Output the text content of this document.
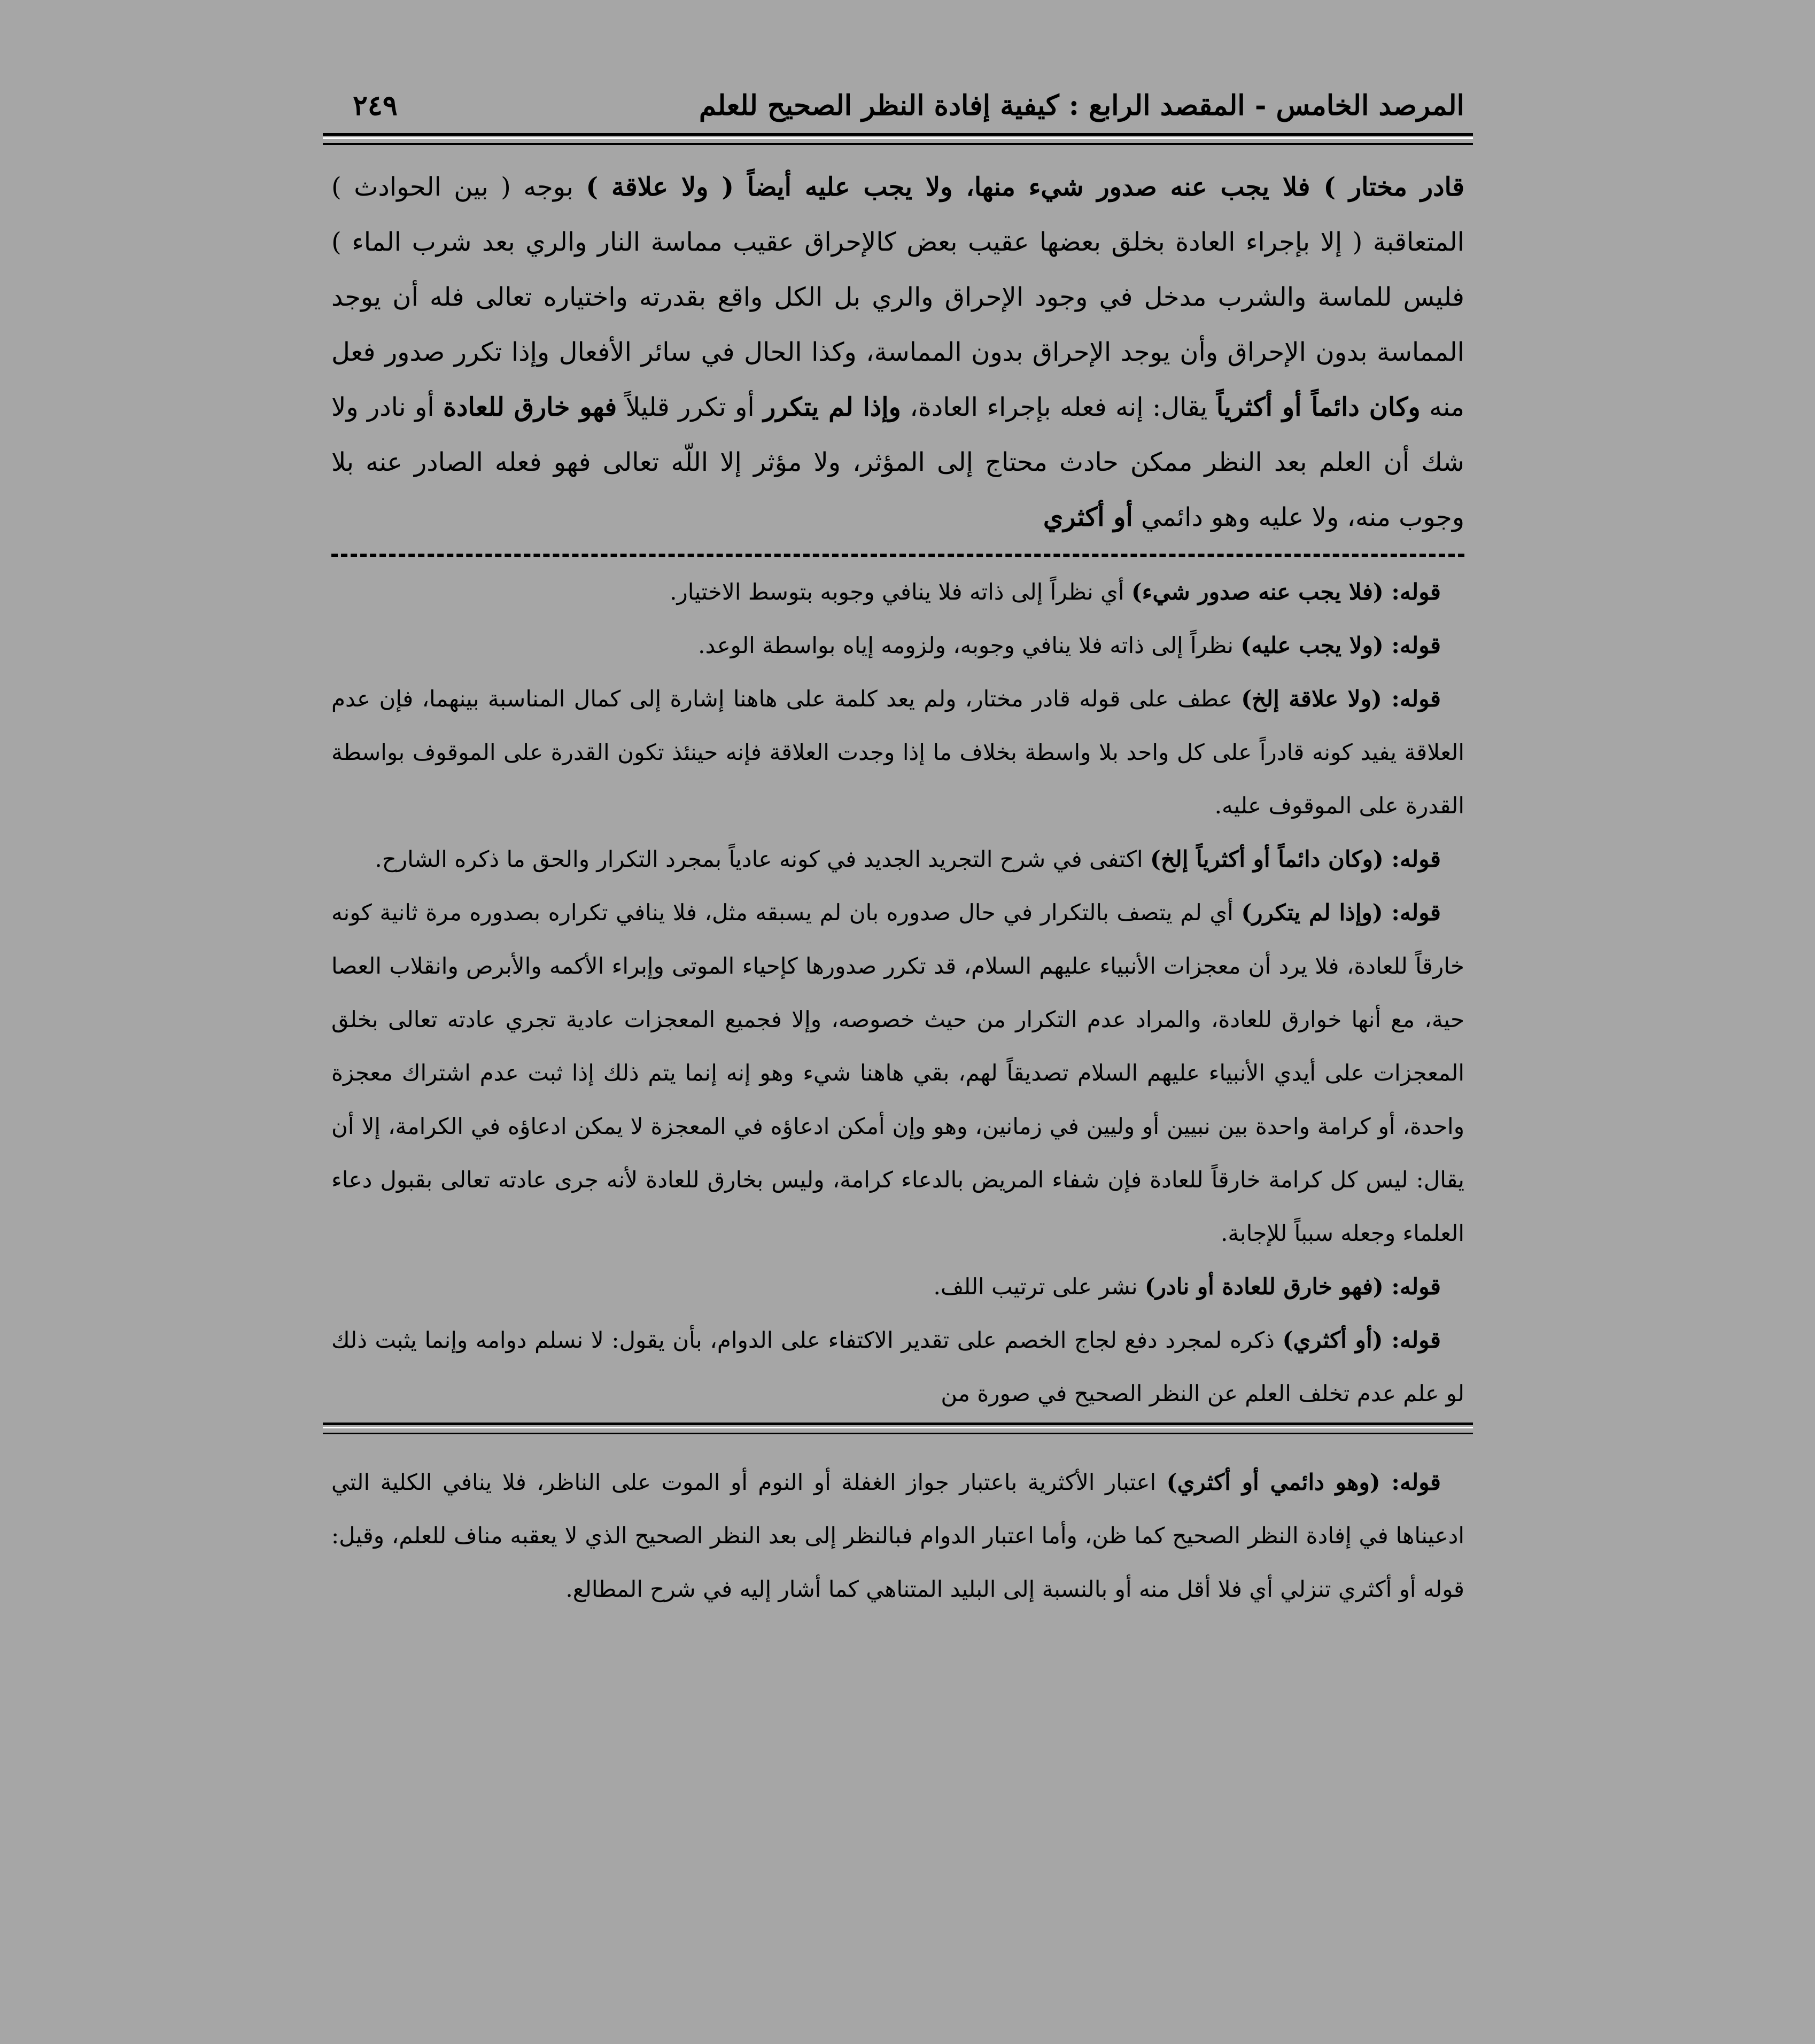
المرصد الخامس - المقصد الرابع : كيفية إفادة النظر الصحيح للعلم
٢٤٩
قادر مختار ) فلا يجب عنه صدور شيء منها، ولا يجب عليه أيضاً ( ولا علاقة ) بوجه ( بين الحوادث ) المتعاقبة ( إلا بإجراء العادة بخلق بعضها عقيب بعض كالإحراق عقيب مماسة النار والري بعد شرب الماء ) فليس للماسة والشرب مدخل في وجود الإحراق والري بل الكل واقع بقدرته واختياره تعالى فله أن يوجد المماسة بدون الإحراق وأن يوجد الإحراق بدون المماسة، وكذا الحال في سائر الأفعال وإذا تكرر صدور فعل منه وكان دائماً أو أكثرياً يقال: إنه فعله بإجراء العادة، وإذا لم يتكرر أو تكرر قليلاً فهو خارق للعادة أو نادر ولا شك أن العلم بعد النظر ممكن حادث محتاج إلى المؤثر، ولا مؤثر إلا اللّه تعالى فهو فعله الصادر عنه بلا وجوب منه، ولا عليه وهو دائمي أو أكثري

قوله: (فلا يجب عنه صدور شيء) أي نظراً إلى ذاته فلا ينافي وجوبه بتوسط الاختيار.

قوله: (ولا يجب عليه) نظراً إلى ذاته فلا ينافي وجوبه، ولزومه إياه بواسطة الوعد.

قوله: (ولا علاقة إلخ) عطف على قوله قادر مختار، ولم يعد كلمة على هاهنا إشارة إلى كمال المناسبة بينهما، فإن عدم العلاقة يفيد كونه قادراً على كل واحد بلا واسطة بخلاف ما إذا وجدت العلاقة فإنه حينئذ تكون القدرة على الموقوف بواسطة القدرة على الموقوف عليه.

قوله: (وكان دائماً أو أكثرياً إلخ) اكتفى في شرح التجريد الجديد في كونه عادياً بمجرد التكرار والحق ما ذكره الشارح.

قوله: (وإذا لم يتكرر) أي لم يتصف بالتكرار في حال صدوره بان لم يسبقه مثل، فلا ينافي تكراره بصدوره مرة ثانية كونه خارقاً للعادة، فلا يرد أن معجزات الأنبياء عليهم السلام، قد تكرر صدورها كإحياء الموتى وإبراء الأكمه والأبرص وانقلاب العصا حية، مع أنها خوارق للعادة، والمراد عدم التكرار من حيث خصوصه، وإلا فجميع المعجزات عادية تجري عادته تعالى بخلق المعجزات على أيدي الأنبياء عليهم السلام تصديقاً لهم، بقي هاهنا شيء وهو إنه إنما يتم ذلك إذا ثبت عدم اشتراك معجزة واحدة، أو كرامة واحدة بين نبيين أو وليين في زمانين، وهو وإن أمكن ادعاؤه في المعجزة لا يمكن ادعاؤه في الكرامة، إلا أن يقال: ليس كل كرامة خارقاً للعادة فإن شفاء المريض بالدعاء كرامة، وليس بخارق للعادة لأنه جرى عادته تعالى بقبول دعاء العلماء وجعله سبباً للإجابة.

قوله: (فهو خارق للعادة أو نادر) نشر على ترتيب اللف.

قوله: (أو أكثري) ذكره لمجرد دفع لجاج الخصم على تقدير الاكتفاء على الدوام، بأن يقول: لا نسلم دوامه وإنما يثبت ذلك لو علم عدم تخلف العلم عن النظر الصحيح في صورة من

قوله: (وهو دائمي أو أكثري) اعتبار الأكثرية باعتبار جواز الغفلة أو النوم أو الموت على الناظر، فلا ينافي الكلية التي ادعيناها في إفادة النظر الصحيح كما ظن، وأما اعتبار الدوام فبالنظر إلى بعد النظر الصحيح الذي لا يعقبه مناف للعلم، وقيل: قوله أو أكثري تنزلي أي فلا أقل منه أو بالنسبة إلى البليد المتناهي كما أشار إليه في شرح المطالع.
